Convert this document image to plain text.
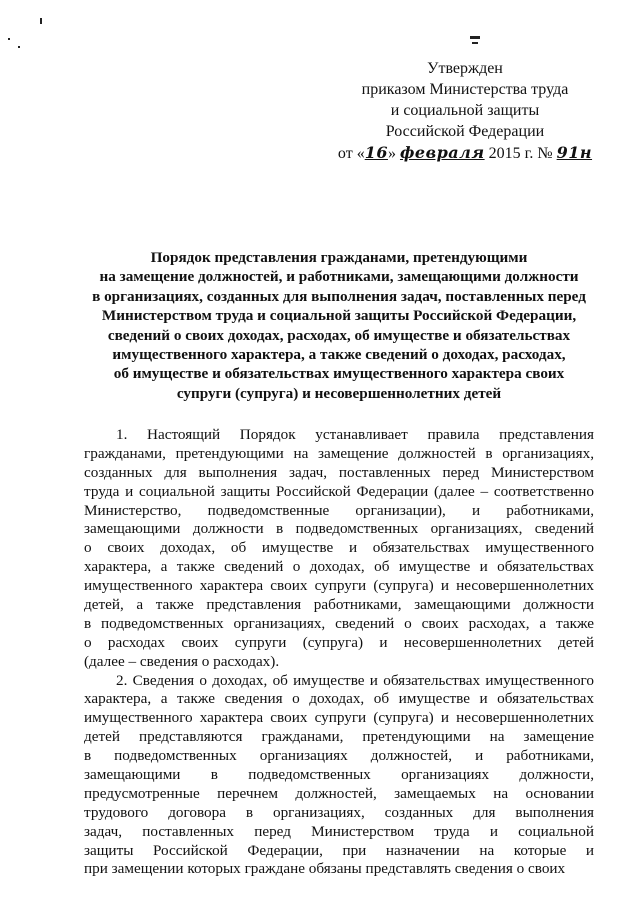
Утвержден
приказом Министерства труда
и социальной защиты
Российской Федерации
от «16» февраля 2015 г. № 91н
Порядок представления гражданами, претендующими
на замещение должностей, и работниками, замещающими должности
в организациях, созданных для выполнения задач, поставленных перед
Министерством труда и социальной защиты Российской Федерации,
сведений о своих доходах, расходах, об имуществе и обязательствах
имущественного характера, а также сведений о доходах, расходах,
об имуществе и обязательствах имущественного характера своих
супруги (супруга) и несовершеннолетних детей
1. Настоящий Порядок устанавливает правила представления
гражданами, претендующими на замещение должностей в организациях,
созданных для выполнения задач, поставленных перед Министерством
труда и социальной защиты Российской Федерации (далее – соответственно
Министерство, подведомственные организации), и работниками,
замещающими должности в подведомственных организациях, сведений
о своих доходах, об имуществе и обязательствах имущественного
характера, а также сведений о доходах, об имуществе и обязательствах
имущественного характера своих супруги (супруга) и несовершеннолетних
детей, а также представления работниками, замещающими должности
в подведомственных организациях, сведений о своих расходах, а также
о расходах своих супруги (супруга) и несовершеннолетних детей
(далее – сведения о расходах).
2. Сведения о доходах, об имуществе и обязательствах имущественного
характера, а также сведения о доходах, об имуществе и обязательствах
имущественного характера своих супруги (супруга) и несовершеннолетних
детей представляются гражданами, претендующими на замещение
в подведомственных организациях должностей, и работниками,
замещающими в подведомственных организациях должности,
предусмотренные перечнем должностей, замещаемых на основании
трудового договора в организациях, созданных для выполнения
задач, поставленных перед Министерством труда и социальной
защиты Российской Федерации, при назначении на которые и
при замещении которых граждане обязаны представлять сведения о своих
